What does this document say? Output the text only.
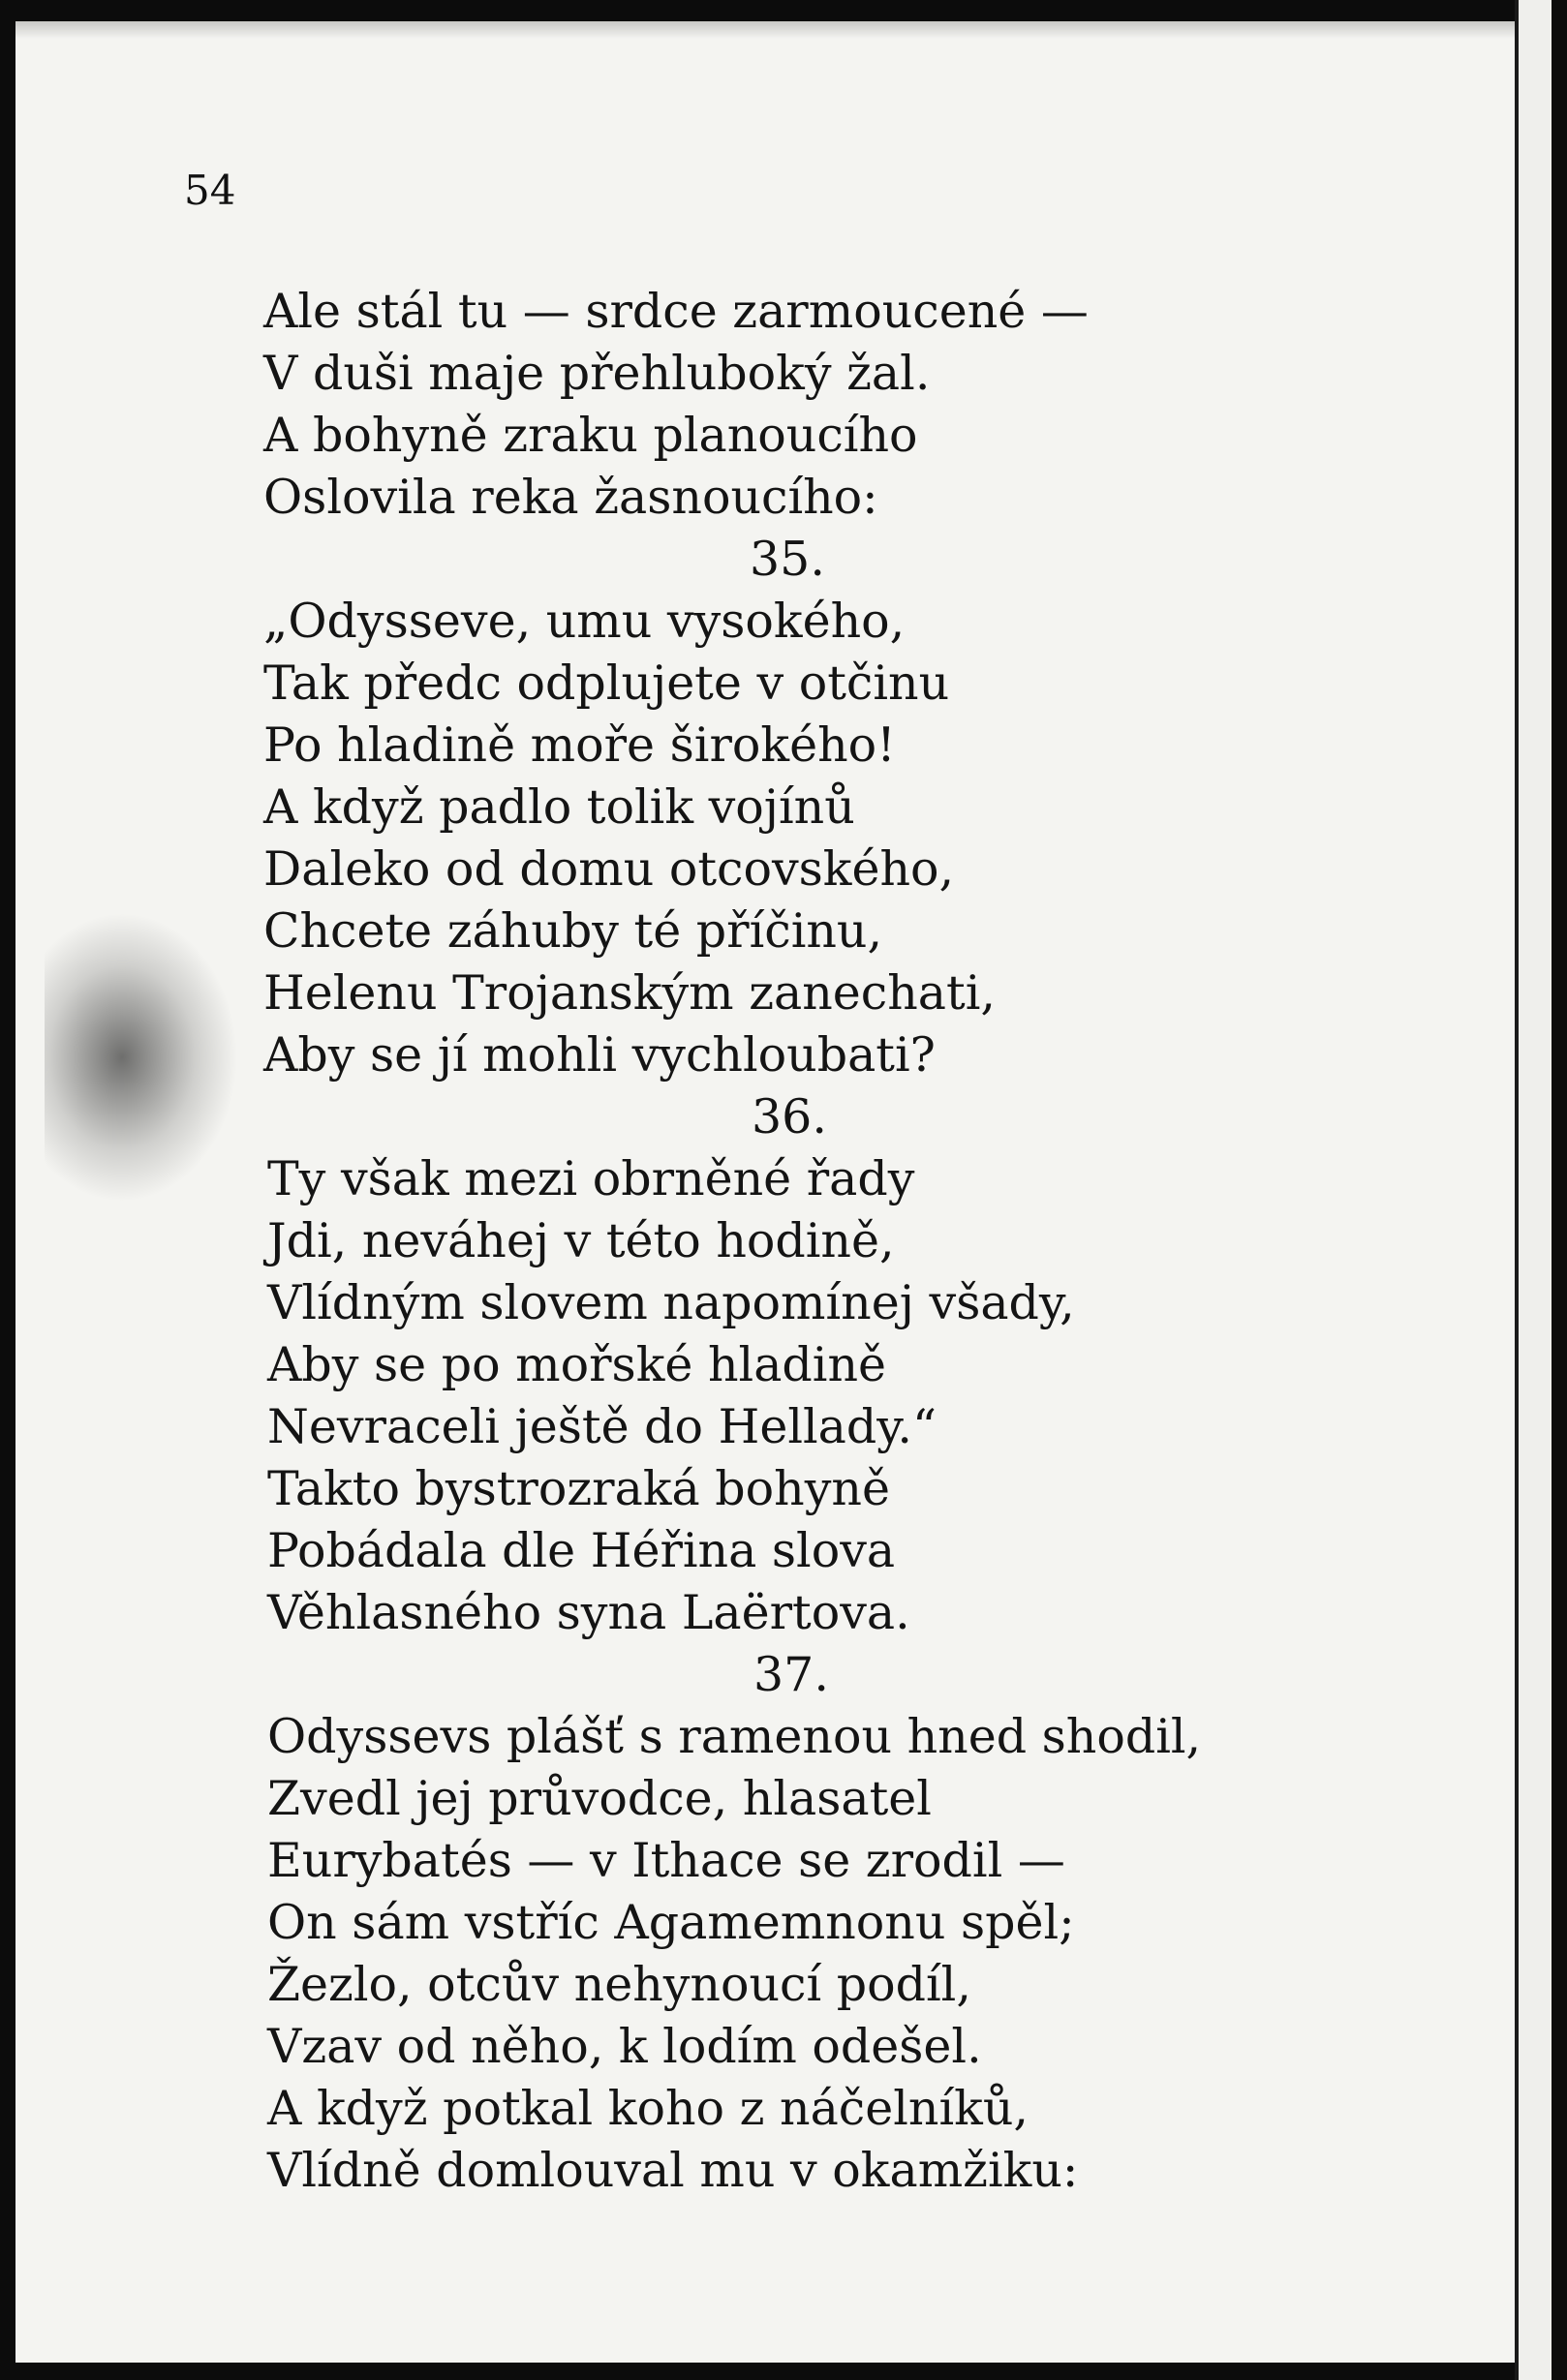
54
Ale stál tu — srdce zarmoucené —
V duši maje přehluboký žal.
A bohyně zraku planoucího
Oslovila reka žasnoucího:
35.
„Odysseve, umu vysokého,
Tak předc odplujete v otčinu
Po hladině moře širokého!
A když padlo tolik vojínů
Daleko od domu otcovského,
Chcete záhuby té příčinu,
Helenu Trojanským zanechati,
Aby se jí mohli vychloubati?
36.
Ty však mezi obrněné řady
Jdi, neváhej v této hodině,
Vlídným slovem napomínej všady,
Aby se po mořské hladině
Nevraceli ještě do Hellady.“
Takto bystrozraká bohyně
Pobádala dle Héřina slova
Věhlasného syna Laërtova.
37.
Odyssevs plášť s ramenou hned shodil,
Zvedl jej průvodce, hlasatel
Eurybatés — v Ithace se zrodil —
On sám vstříc Agamemnonu spěl;
Žezlo, otcův nehynoucí podíl,
Vzav od něho, k lodím odešel.
A když potkal koho z náčelníků,
Vlídně domlouval mu v okamžiku:
